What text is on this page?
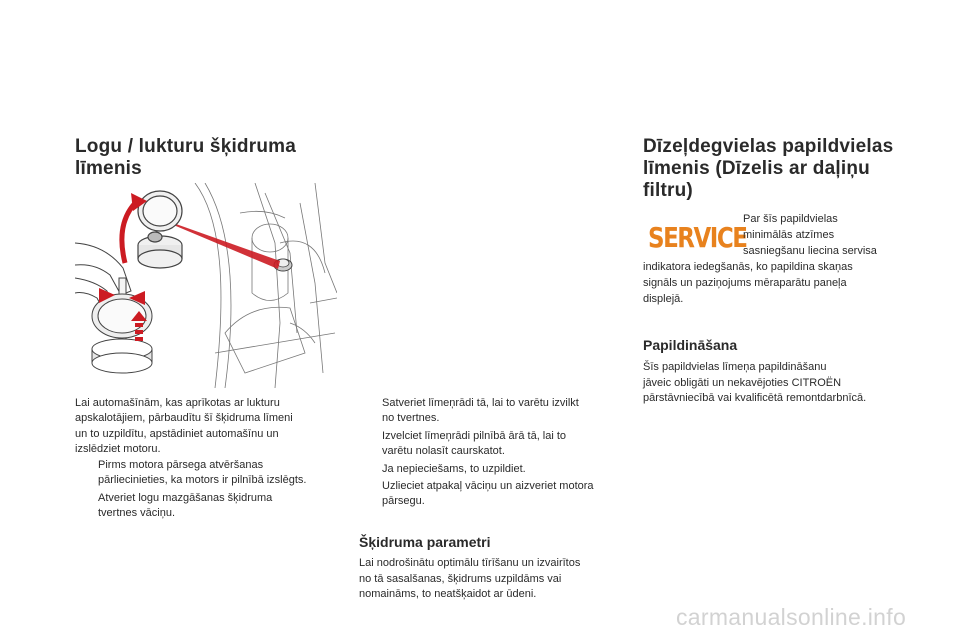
Logu / lukturu šķidruma
līmenis

Lai automašīnām, kas aprīkotas ar lukturu

apskalotājiem, pārbaudītu šī šķidruma līmeni

un to uzpildītu, apstādiniet automašīnu un

izslēdziet motoru.

Pirms motora pārsega atvēršanas
pārliecinieties, ka motors ir pilnībā izslēgts.
Atveriet logu mazgāšanas šķidruma
tvertnes vāciņu.
Satveriet līmeņrādi tā, lai to varētu izvilkt
no tvertnes.
Izvelciet līmeņrādi pilnībā ārā tā, lai to
varētu nolasīt caurskatot.
Ja nepieciešams, to uzpildiet.
Uzlieciet atpakaļ vāciņu un aizveriet motora
pārsegu.
Šķidruma parametri

Lai nodrošinātu optimālu tīrīšanu un izvairītos

no tā sasalšanas, šķidrums uzpildāms vai

nomaināms, to neatšķaidot ar ūdeni.

Dīzeļdegvielas papildvielas
līmenis (Dīzelis ar daļiņu
filtru)
SERVICE

Par šīs papildvielas

minimālās atzīmes

sasniegšanu liecina servisa

indikatora iedegšanās, ko papildina skaņas

signāls un paziņojums mēraparātu paneļa

displejā.

Papildināšana

Šīs papildvielas līmeņa papildināšanu

jāveic obligāti un nekavējoties CITROËN

pārstāvniecībā vai kvalificētā remontdarbnīcā.

carmanualsonline.info
